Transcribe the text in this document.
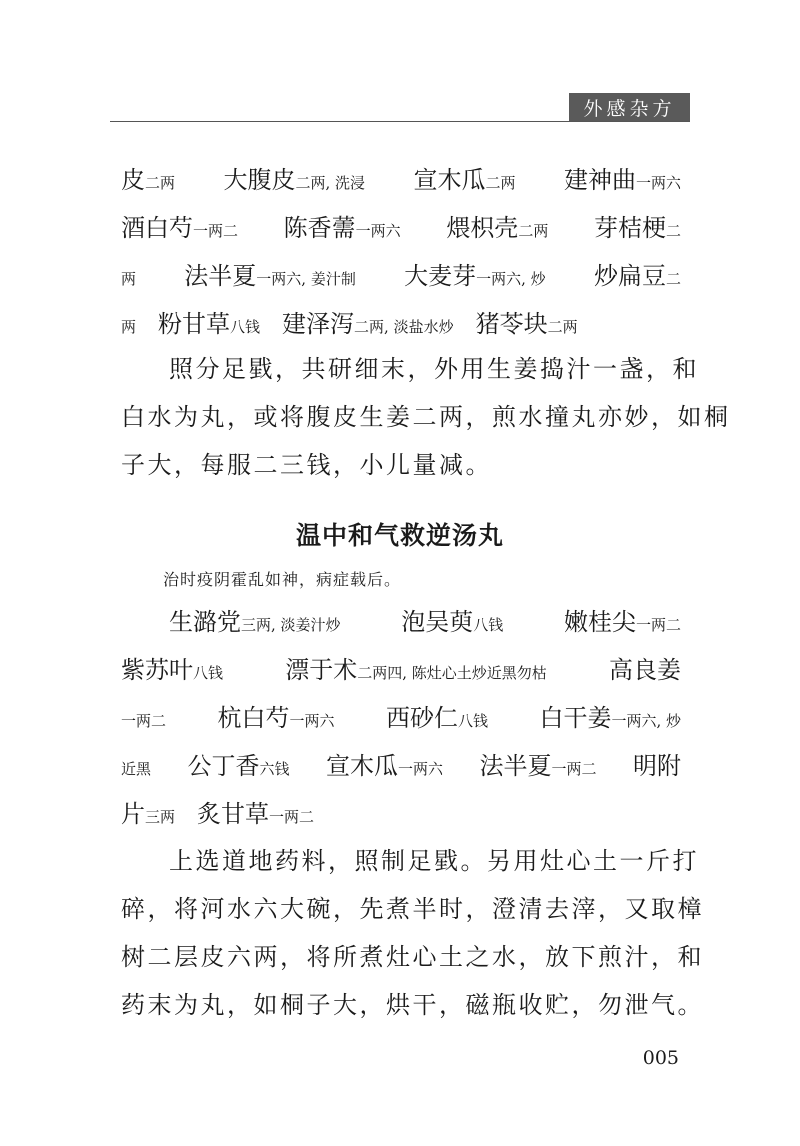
外感杂方
皮二两 大腹皮二两, 洗浸 宣木瓜二两 建神曲一两六
酒白芍一两二 陈香薷一两六 煨枳壳二两 芽桔梗二
两 法半夏一两六, 姜汁制 大麦芽一两六, 炒 炒扁豆二
两 粉甘草八钱 建泽泻二两, 淡盐水炒 猪苓块二两
照分足戥，共研细末，外用生姜捣汁一盏，和
白水为丸，或将腹皮生姜二两，煎水撞丸亦妙，如桐
子大，每服二三钱，小儿量减。
温中和气救逆汤丸
治时疫阴霍乱如神，病症载后。
生潞党三两, 淡姜汁炒	泡吴萸八钱	嫩桂尖一两二
紫苏叶八钱	漂于术二两四, 陈灶心土炒近黑勿枯	高良姜
一两二 杭白芍一两六 西砂仁八钱 白干姜一两六, 炒
近黑 公丁香六钱 宣木瓜一两六 法半夏一两二 明附
片三两 炙甘草一两二
上选道地药料，照制足戥。另用灶心土一斤打
碎，将河水六大碗，先煮半时，澄清去滓，又取樟
树二层皮六两，将所煮灶心土之水，放下煎汁，和
药末为丸，如桐子大，烘干，磁瓶收贮，勿泄气。
005
